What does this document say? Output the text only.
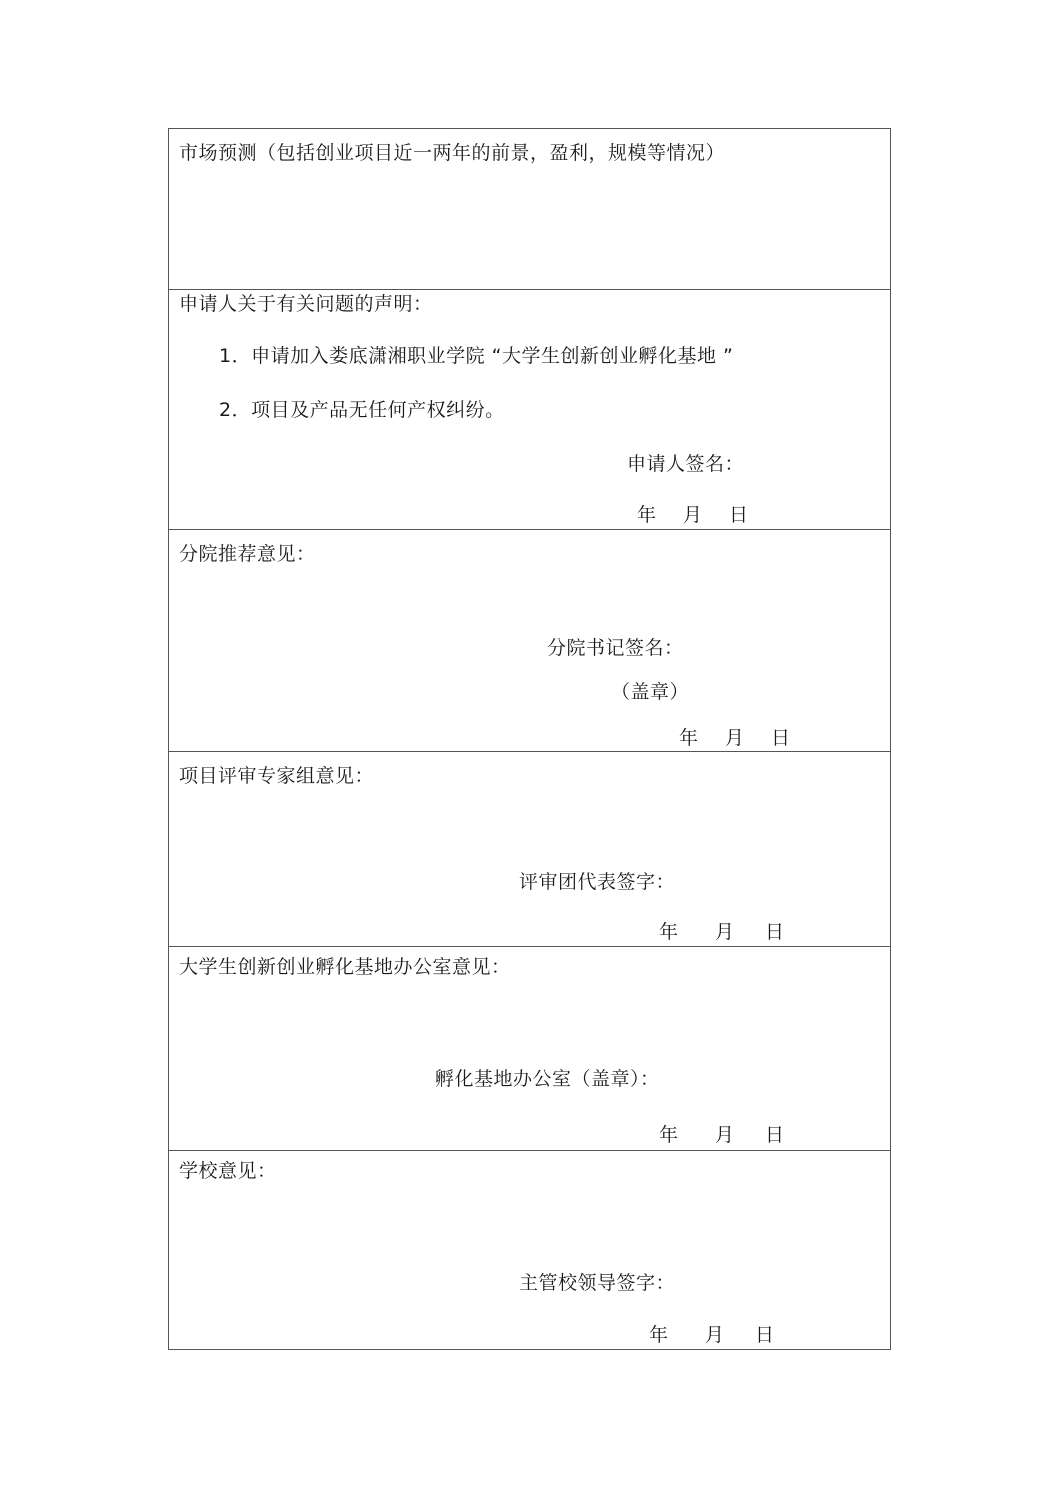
市场预测（包括创业项目近一两年的前景，盈利，规模等情况）
申请人关于有关问题的声明：
1．申请加入娄底潇湘职业学院 “大学生创新创业孵化基地 ”
2．项目及产品无任何产权纠纷。
申请人签名：
年 月 日
分院推荐意见：
分院书记签名：
（盖章）
年 月 日
项目评审专家组意见：
评审团代表签字：
年 月 日
大学生创新创业孵化基地办公室意见：
孵化基地办公室（盖章）：
年 月 日
学校意见：
主管校领导签字：
年 月 日
